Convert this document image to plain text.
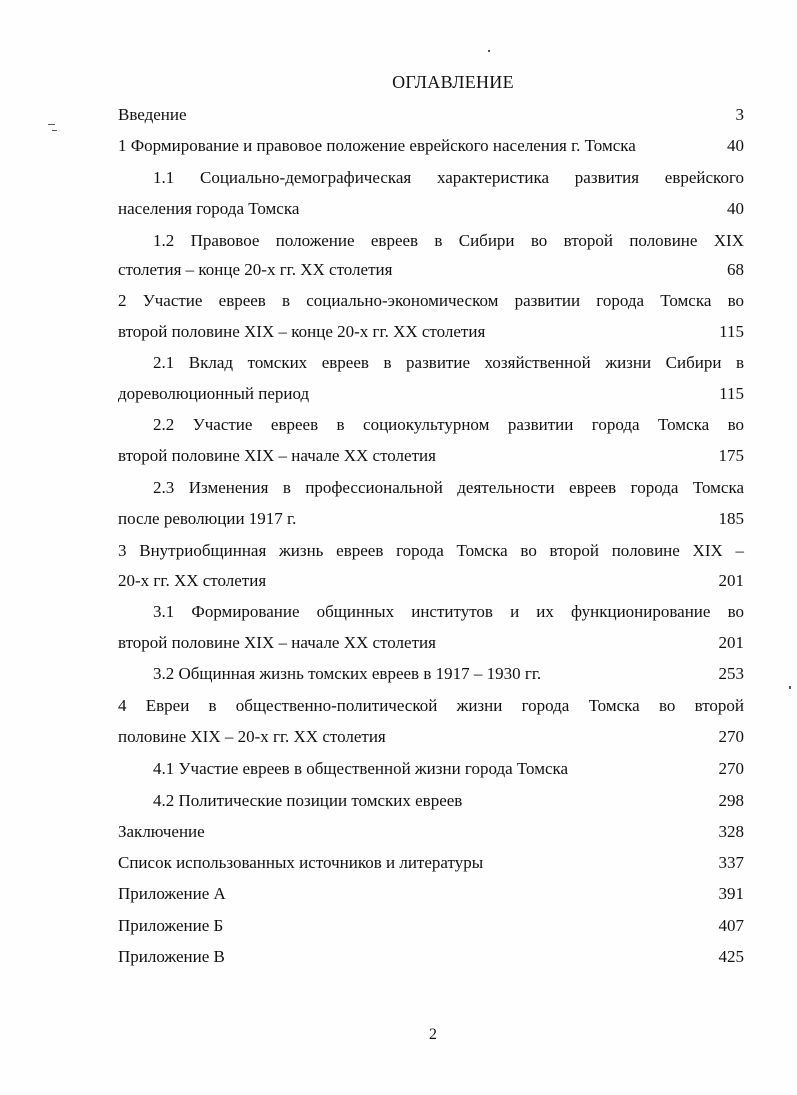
ОГЛАВЛЕНИЕ
Введение	3
1 Формирование и правовое положение еврейского населения г. Томска	40
1.1 Социально-демографическая характеристика развития еврейского
населения города Томска	40
1.2 Правовое положение евреев в Сибири во второй половине XIX
столетия – конце 20-х гг. XX столетия	68
2 Участие евреев в социально-экономическом развитии города Томска во
второй половине XIX – конце 20-х гг. XX столетия	115
2.1 Вклад томских евреев в развитие хозяйственной жизни Сибири в
дореволюционный период	115
2.2 Участие евреев в социокультурном развитии города Томска во
второй половине XIX – начале XX столетия	175
2.3 Изменения в профессиональной деятельности евреев города Томска
после революции 1917 г.	185
3 Внутриобщинная жизнь евреев города Томска во второй половине XIX –
20-х гг. XX столетия	201
3.1 Формирование общинных институтов и их функционирование во
второй половине XIX – начале XX столетия	201
3.2 Общинная жизнь томских евреев в 1917 – 1930 гг.	253
4 Евреи в общественно-политической жизни города Томска во второй
половине XIX – 20-х гг. XX столетия	270
4.1 Участие евреев в общественной жизни города Томска	270
4.2 Политические позиции томских евреев	298
Заключение	328
Список использованных источников и литературы	337
Приложение А	391
Приложение Б	407
Приложение В	425
2
